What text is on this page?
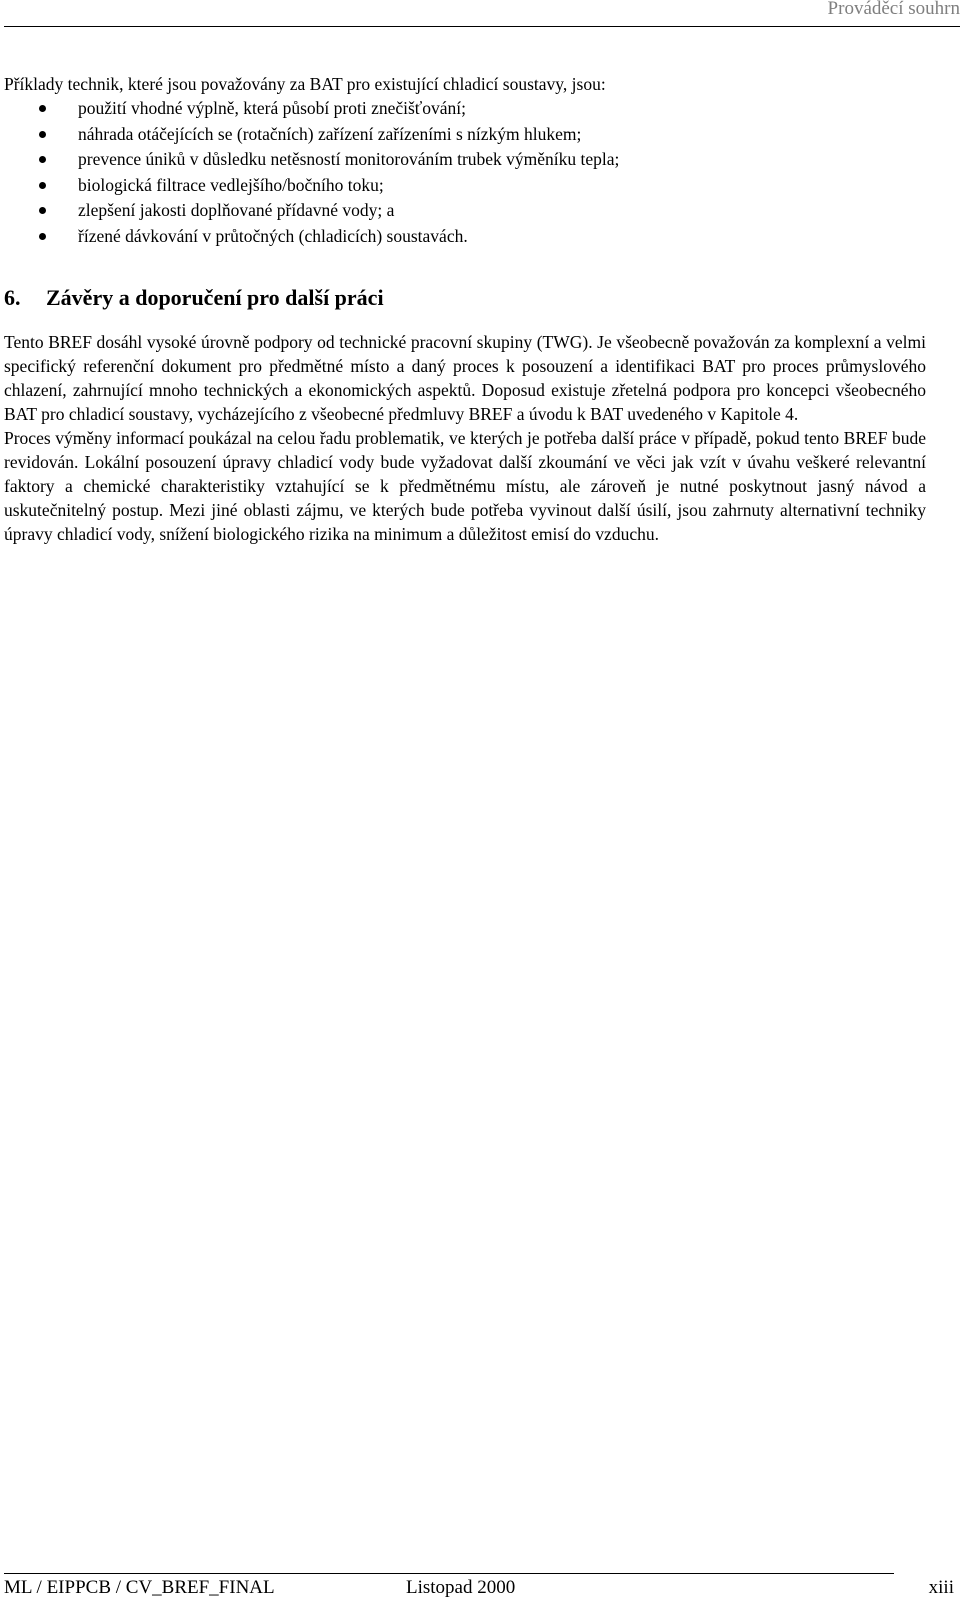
Prováděcí souhrn
Příklady technik, které jsou považovány za BAT pro existující chladicí soustavy, jsou:
použití vhodné výplně, která působí proti znečišťování;
náhrada otáčejících se (rotačních) zařízení zařízeními s nízkým hlukem;
prevence úniků v důsledku netěsností monitorováním trubek výměníku tepla;
biologická filtrace vedlejšího/bočního toku;
zlepšení jakosti doplňované přídavné vody; a
řízené dávkování v průtočných (chladicích) soustavách.
6. Závěry a doporučení pro další práci

Tento BREF dosáhl vysoké úrovně podpory od technické pracovní skupiny (TWG). Je všeobecně považován za komplexní a velmi specifický referenční dokument pro předmětné místo a daný proces k posouzení a identifikaci BAT pro proces průmyslového chlazení, zahrnující mnoho technických a ekonomických aspektů. Doposud existuje zřetelná podpora pro koncepci všeobecného BAT pro chladicí soustavy, vycházejícího z všeobecné předmluvy BREF a úvodu k BAT uvedeného v Kapitole 4.

Proces výměny informací poukázal na celou řadu problematik, ve kterých je potřeba další práce v případě, pokud tento BREF bude revidován. Lokální posouzení úpravy chladicí vody bude vyžadovat další zkoumání ve věci jak vzít v úvahu veškeré relevantní faktory a chemické charakteristiky vztahující se k předmětnému místu, ale zároveň je nutné poskytnout jasný návod a uskutečnitelný postup. Mezi jiné oblasti zájmu, ve kterých bude potřeba vyvinout další úsilí, jsou zahrnuty alternativní techniky úpravy chladicí vody, snížení biologického rizika na minimum a důležitost emisí do vzduchu.

ML / EIPPCB / CV_BREF_FINAL	Listopad 2000	xiii
